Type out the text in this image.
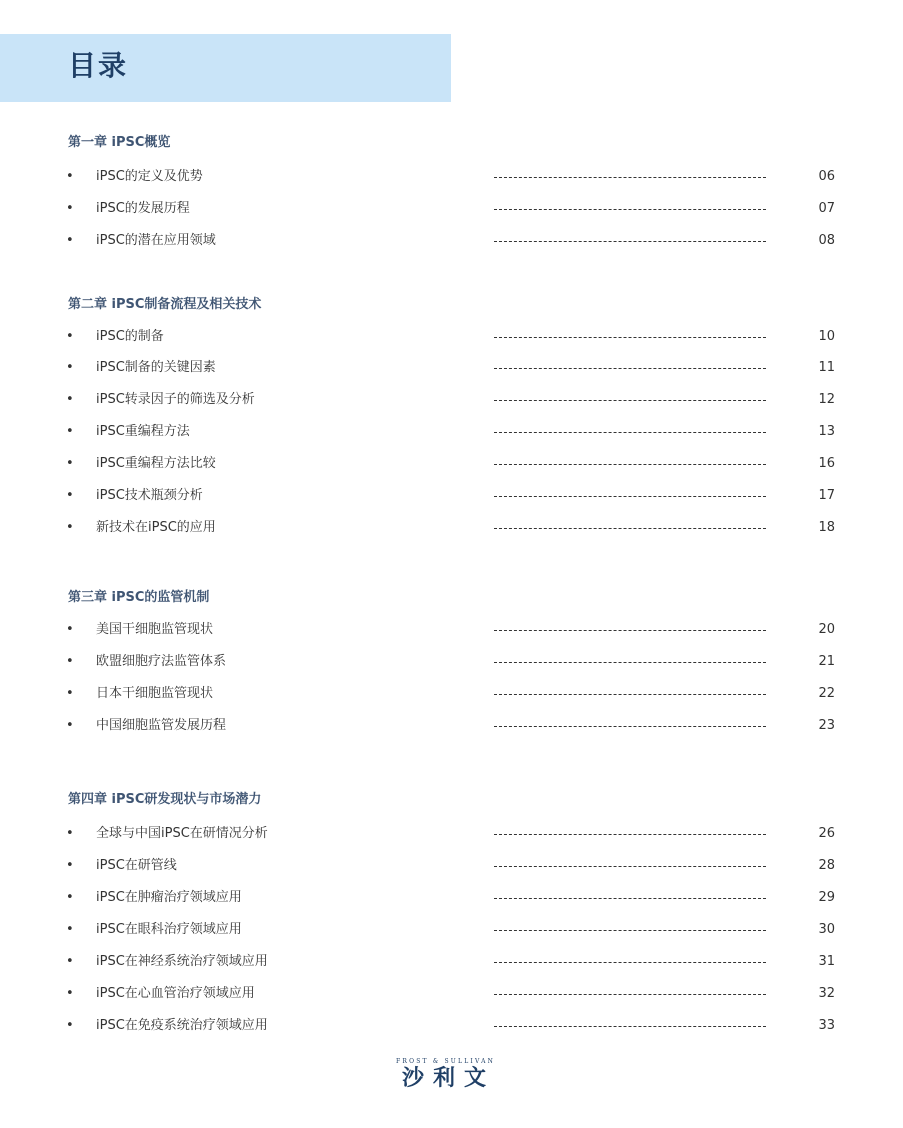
目录
第一章 iPSC概览
• iPSC的定义及优势	06
• iPSC的发展历程	07
• iPSC的潜在应用领域	08
第二章 iPSC制备流程及相关技术
• iPSC的制备	10
• iPSC制备的关键因素	11
• iPSC转录因子的筛选及分析	12
• iPSC重编程方法	13
• iPSC重编程方法比较	16
• iPSC技术瓶颈分析	17
• 新技术在iPSC的应用	18
第三章 iPSC的监管机制
• 美国干细胞监管现状	20
• 欧盟细胞疗法监管体系	21
• 日本干细胞监管现状	22
• 中国细胞监管发展历程	23
第四章 iPSC研发现状与市场潜力
• 全球与中国iPSC在研情况分析	26
• iPSC在研管线	28
• iPSC在肿瘤治疗领域应用	29
• iPSC在眼科治疗领域应用	30
• iPSC在神经系统治疗领域应用	31
• iPSC在心血管治疗领域应用	32
• iPSC在免疫系统治疗领域应用	33
FROST & SULLIVAN
沙利文
